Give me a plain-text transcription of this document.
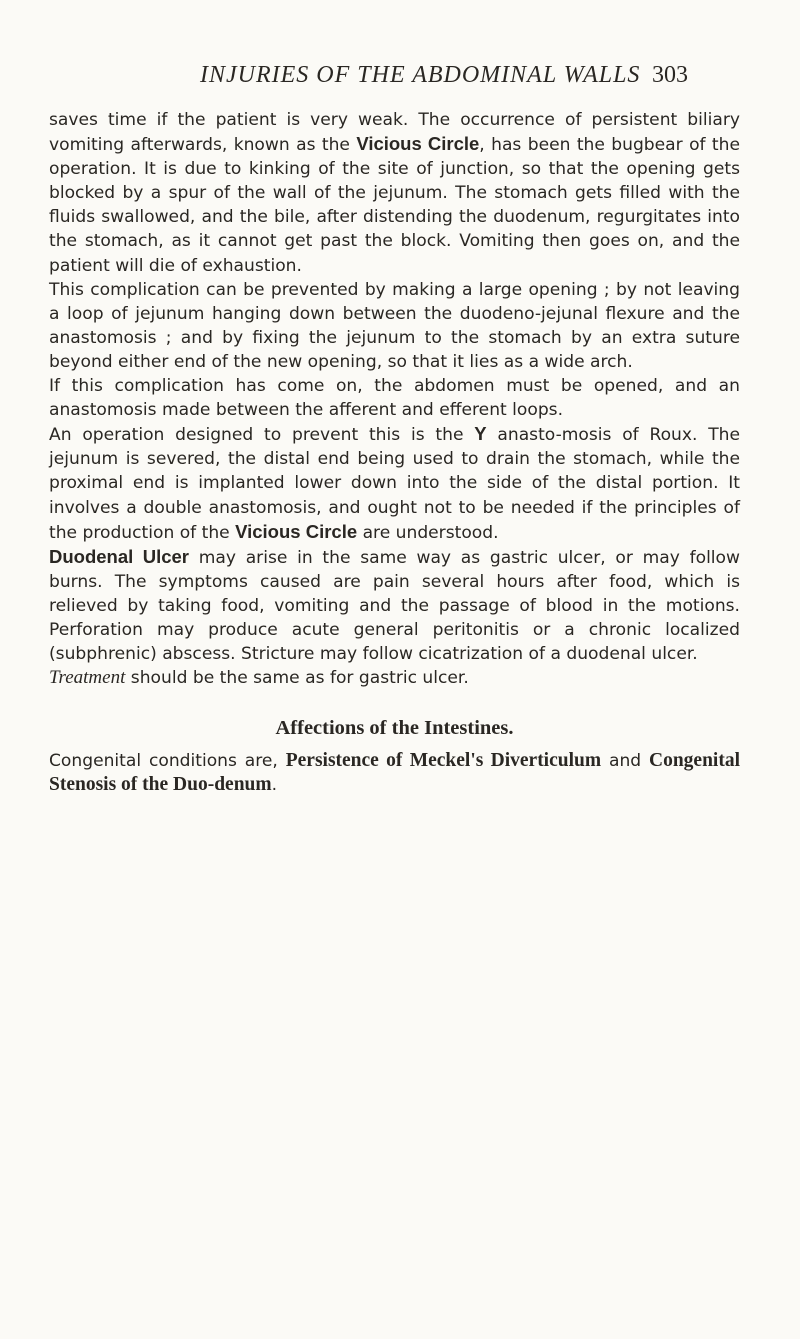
INJURIES OF THE ABDOMINAL WALLS 303

saves time if the patient is very weak. The occurrence of persistent biliary vomiting afterwards, known as the Vicious Circle, has been the bugbear of the operation. It is due to kinking of the site of junction, so that the opening gets blocked by a spur of the wall of the jejunum. The stomach gets filled with the fluids swallowed, and the bile, after distending the duodenum, regurgitates into the stomach, as it cannot get past the block. Vomiting then goes on, and the patient will die of exhaustion.

This complication can be prevented by making a large opening ; by not leaving a loop of jejunum hanging down between the duodeno-jejunal flexure and the anastomosis ; and by fixing the jejunum to the stomach by an extra suture beyond either end of the new opening, so that it lies as a wide arch.

If this complication has come on, the abdomen must be opened, and an anastomosis made between the afferent and efferent loops.

An operation designed to prevent this is the Y anasto-mosis of Roux. The jejunum is severed, the distal end being used to drain the stomach, while the proximal end is implanted lower down into the side of the distal portion. It involves a double anastomosis, and ought not to be needed if the principles of the production of the Vicious Circle are understood.

Duodenal Ulcer may arise in the same way as gastric ulcer, or may follow burns. The symptoms caused are pain several hours after food, which is relieved by taking food, vomiting and the passage of blood in the motions. Perforation may produce acute general peritonitis or a chronic localized (subphrenic) abscess. Stricture may follow cicatrization of a duodenal ulcer.

Treatment should be the same as for gastric ulcer.

Affections of the Intestines.

Congenital conditions are, Persistence of Meckel's Diverticulum and Congenital Stenosis of the Duo-denum.
